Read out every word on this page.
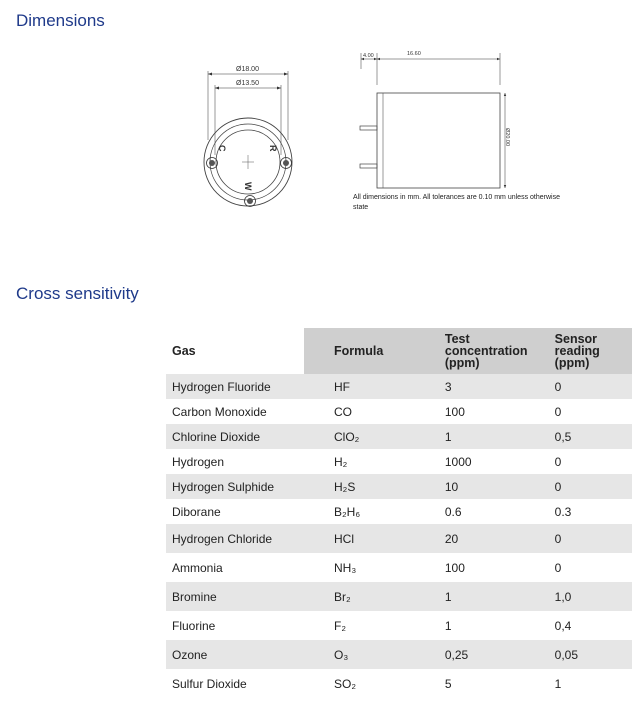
Dimensions
Ø18.00
Ø13.50
C	R
W
4.00	16.60
Ø20.00
All dimensions in mm. All tolerances are 0.10 mm unless otherwise state
Cross sensitivity
Gas	Formula	Test concentration (ppm)	Sensor reading (ppm)
Hydrogen Fluoride	HF	3	0
Carbon Monoxide	CO	100	0
Chlorine Dioxide	ClO₂	1	0,5
Hydrogen	H₂	1000	0
Hydrogen Sulphide	H₂S	10	0
Diborane	B₂H₆	0.6	0.3
Hydrogen Chloride	HCl	20	0
Ammonia	NH₃	100	0
Bromine	Br₂	1	1,0
Fluorine	F₂	1	0,4
Ozone	O₃	0,25	0,05
Sulfur Dioxide	SO₂	5	1
